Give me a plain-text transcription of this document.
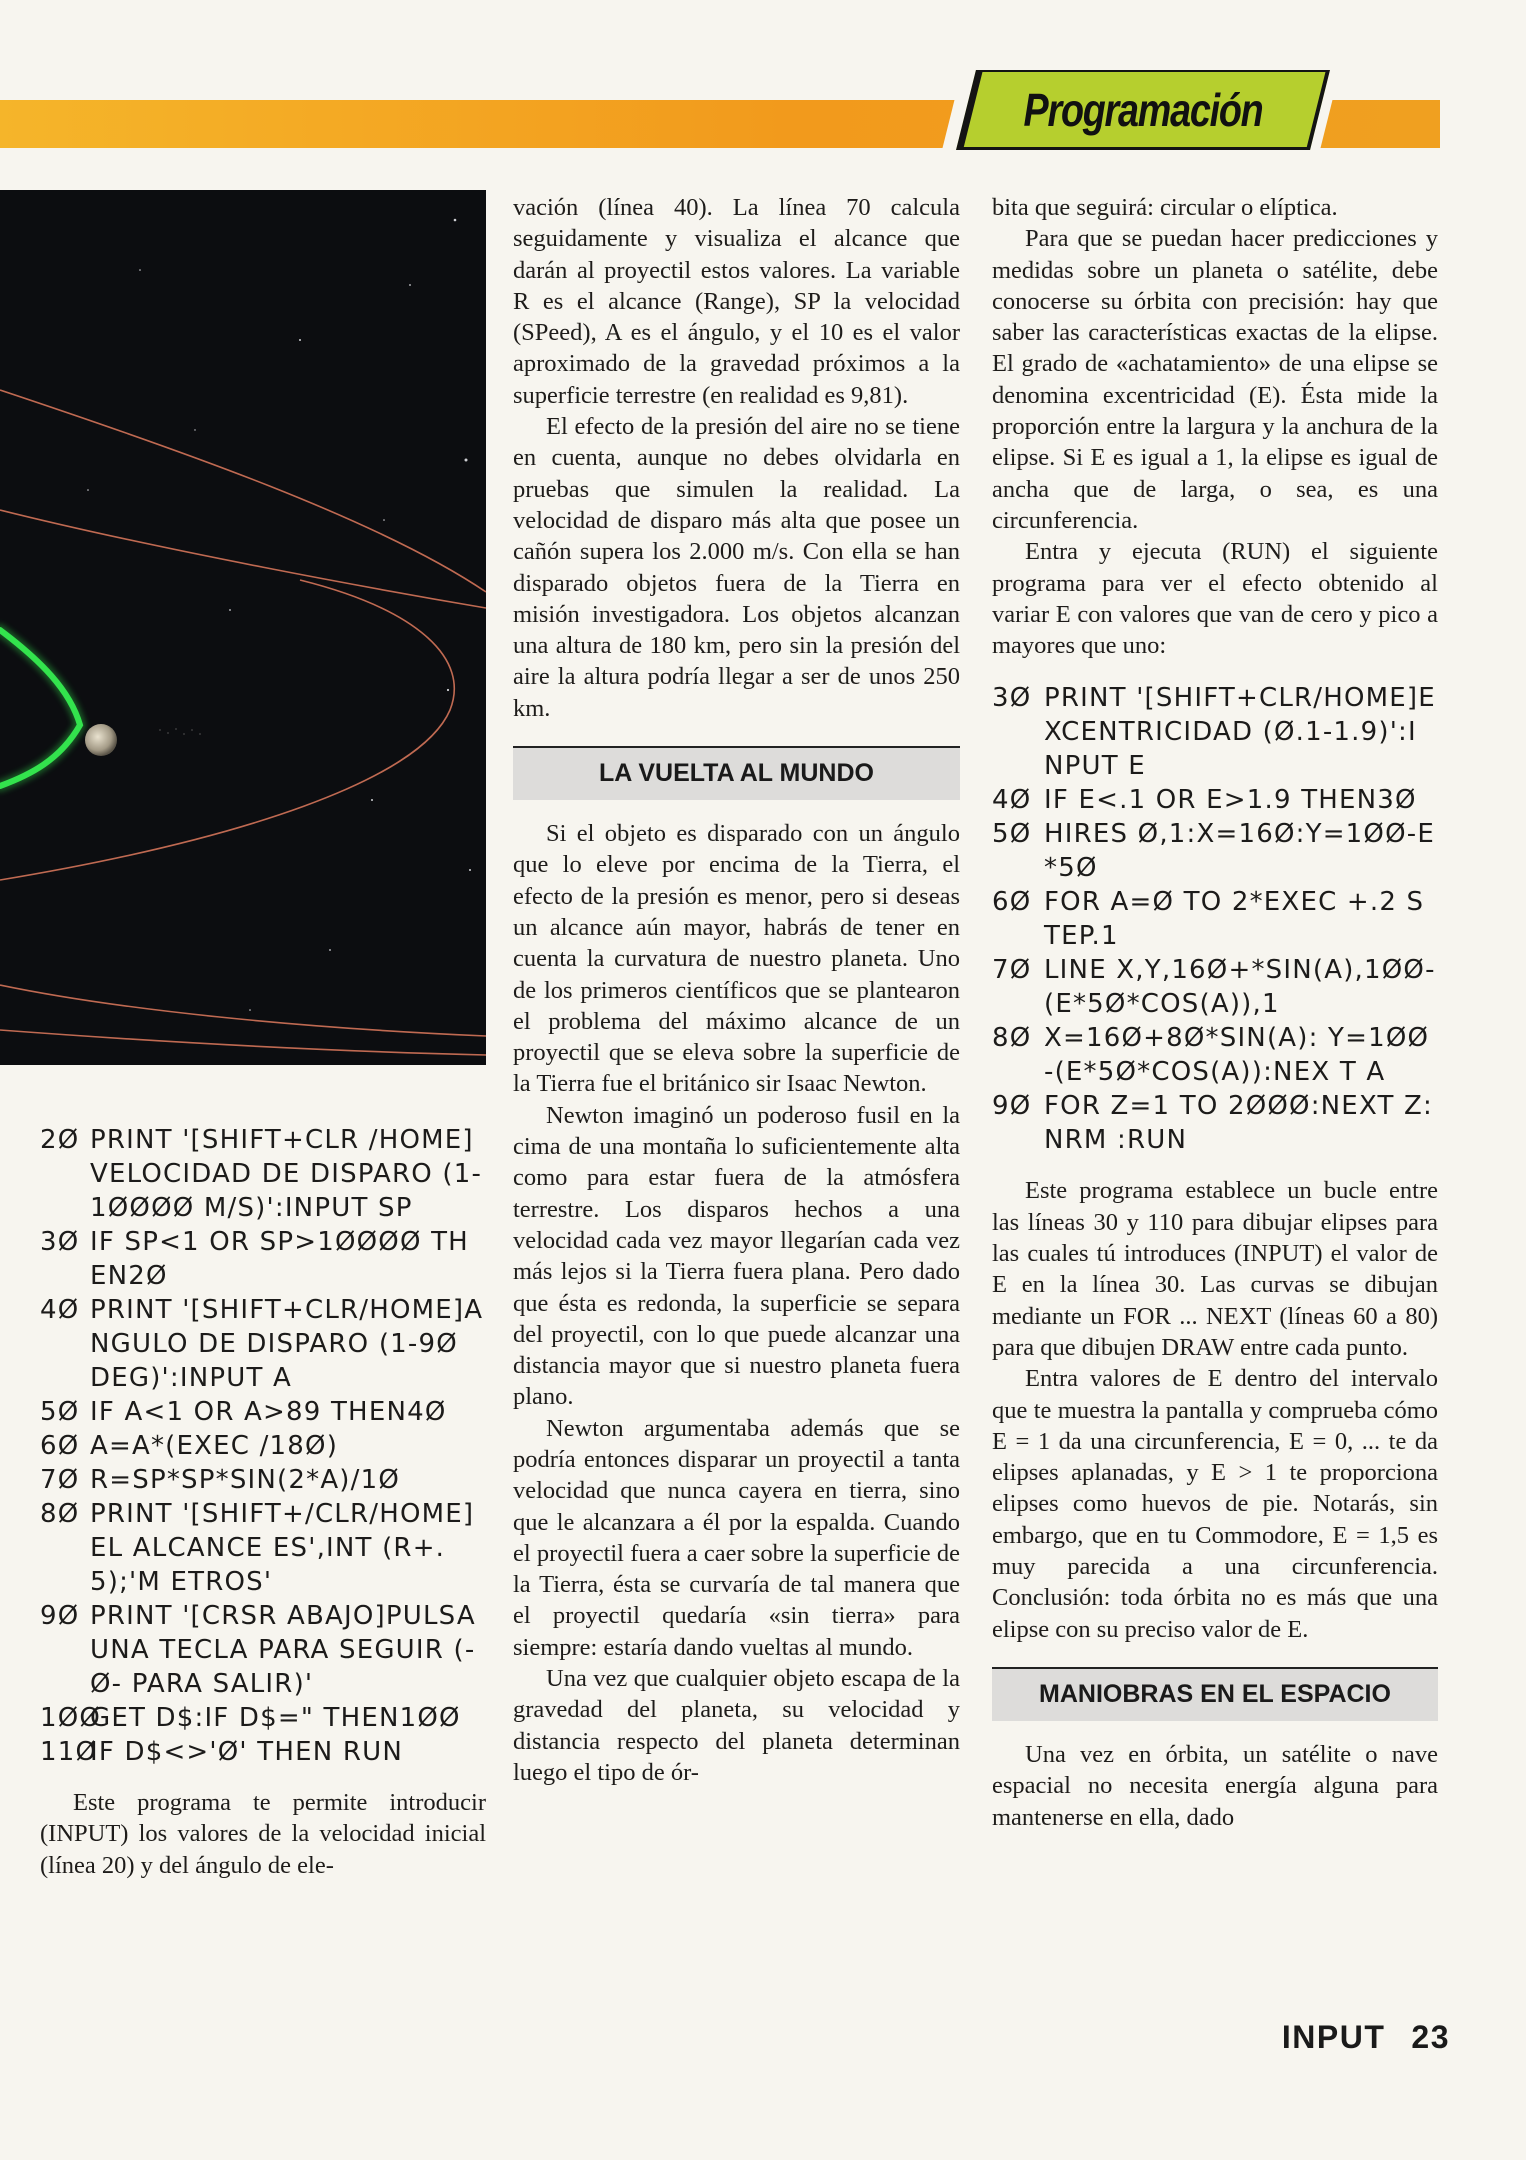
Programación
2Ø PRINT '[SHIFT+CLR /HOME]VELOCIDAD DE DISPARO (1-1ØØØØ M/S)':INPUT SP
3Ø IF SP<1 OR SP>1ØØØØ THEN2Ø
4Ø PRINT '[SHIFT+CLR/HOME]ANGULO DE DISPARO (1-9Ø DEG)':INPUT A
5Ø IF A<1 OR A>89 THEN4Ø
6Ø A=A*(EXEC /18Ø)
7Ø R=SP*SP*SIN(2*A)/1Ø
8Ø PRINT '[SHIFT+/CLR/HOME]EL ALCANCE ES',INT (R+.5);'M ETROS'
9Ø PRINT '[CRSR ABAJO]PULSA UNA TECLA PARA SEGUIR (-Ø- PARA SALIR)'
1ØØ
GET D$:IF D$=" THEN1ØØ
11Ø
IF D$<>'Ø' THEN RUN

Este programa te permite introducir (INPUT) los valores de la velocidad inicial (línea 20) y del ángulo de ele-

vación (línea 40). La línea 70 calcula seguidamente y visualiza el alcance que darán al proyectil estos valores. La variable R es el alcance (Range), SP la velocidad (SPeed), A es el ángulo, y el 10 es el valor aproximado de la gravedad próximos a la superficie terrestre (en realidad es 9,81).

El efecto de la presión del aire no se tiene en cuenta, aunque no debes olvidarla en pruebas que simulen la realidad. La velocidad de disparo más alta que posee un cañón supera los 2.000 m/s. Con ella se han disparado objetos fuera de la Tierra en misión investigadora. Los objetos alcanzan una altura de 180 km, pero sin la presión del aire la altura podría llegar a ser de unos 250 km.

LA VUELTA AL MUNDO

Si el objeto es disparado con un ángulo que lo eleve por encima de la Tierra, el efecto de la presión es menor, pero si deseas un alcance aún mayor, habrás de tener en cuenta la curvatura de nuestro planeta. Uno de los primeros científicos que se plantearon el problema del máximo alcance de un proyectil que se eleva sobre la superficie de la Tierra fue el británico sir Isaac Newton.

Newton imaginó un poderoso fusil en la cima de una montaña lo suficientemente alta como para estar fuera de la atmósfera terrestre. Los disparos hechos a una velocidad cada vez mayor llegarían cada vez más lejos si la Tierra fuera plana. Pero dado que ésta es redonda, la superficie se separa del proyectil, con lo que puede alcanzar una distancia mayor que si nuestro planeta fuera plano.

Newton argumentaba además que se podría entonces disparar un proyectil a tanta velocidad que nunca cayera en tierra, sino que le alcanzara a él por la espalda. Cuando el proyectil fuera a caer sobre la superficie de la Tierra, ésta se curvaría de tal manera que el proyectil quedaría «sin tierra» para siempre: estaría dando vueltas al mundo.

Una vez que cualquier objeto escapa de la gravedad del planeta, su velocidad y distancia respecto del planeta determinan luego el tipo de ór-

bita que seguirá: circular o elíptica.

Para que se puedan hacer predicciones y medidas sobre un planeta o satélite, debe conocerse su órbita con precisión: hay que saber las características exactas de la elipse. El grado de «achatamiento» de una elipse se denomina excentricidad (E). Ésta mide la proporción entre la largura y la anchura de la elipse. Si E es igual a 1, la elipse es igual de ancha que de larga, o sea, es una circunferencia.

Entra y ejecuta (RUN) el siguiente programa para ver el efecto obtenido al variar E con valores que van de cero y pico a mayores que uno:

3Ø PRINT '[SHIFT+CLR/HOME]E XCENTRICIDAD (Ø.1-1.9)':I NPUT E
4Ø IF E<.1 OR E>1.9 THEN3Ø
5Ø HIRES Ø,1:X=16Ø:Y=1ØØ-E*5Ø
6Ø FOR A=Ø TO 2*EXEC +.2 STEP.1
7Ø LINE X,Y,16Ø+*SIN(A),1ØØ-(E*5Ø*COS(A)),1
8Ø X=16Ø+8Ø*SIN(A): Y=1ØØ-(E*5Ø*COS(A)):NEX T A
9Ø FOR Z=1 TO 2ØØØ:NEXT Z:NRM :RUN

Este programa establece un bucle entre las líneas 30 y 110 para dibujar elipses para las cuales tú introduces (INPUT) el valor de E en la línea 30. Las curvas se dibujan mediante un FOR ... NEXT (líneas 60 a 80) para que dibujen DRAW entre cada punto.

Entra valores de E dentro del intervalo que te muestra la pantalla y comprueba cómo E = 1 da una circunferencia, E = 0, ... te da elipses aplanadas, y E > 1 te proporciona elipses como huevos de pie. Notarás, sin embargo, que en tu Commodore, E = 1,5 es muy parecida a una circunferencia. Conclusión: toda órbita no es más que una elipse con su preciso valor de E.

MANIOBRAS EN EL ESPACIO

Una vez en órbita, un satélite o nave espacial no necesita energía alguna para mantenerse en ella, dado

INPUT 23
